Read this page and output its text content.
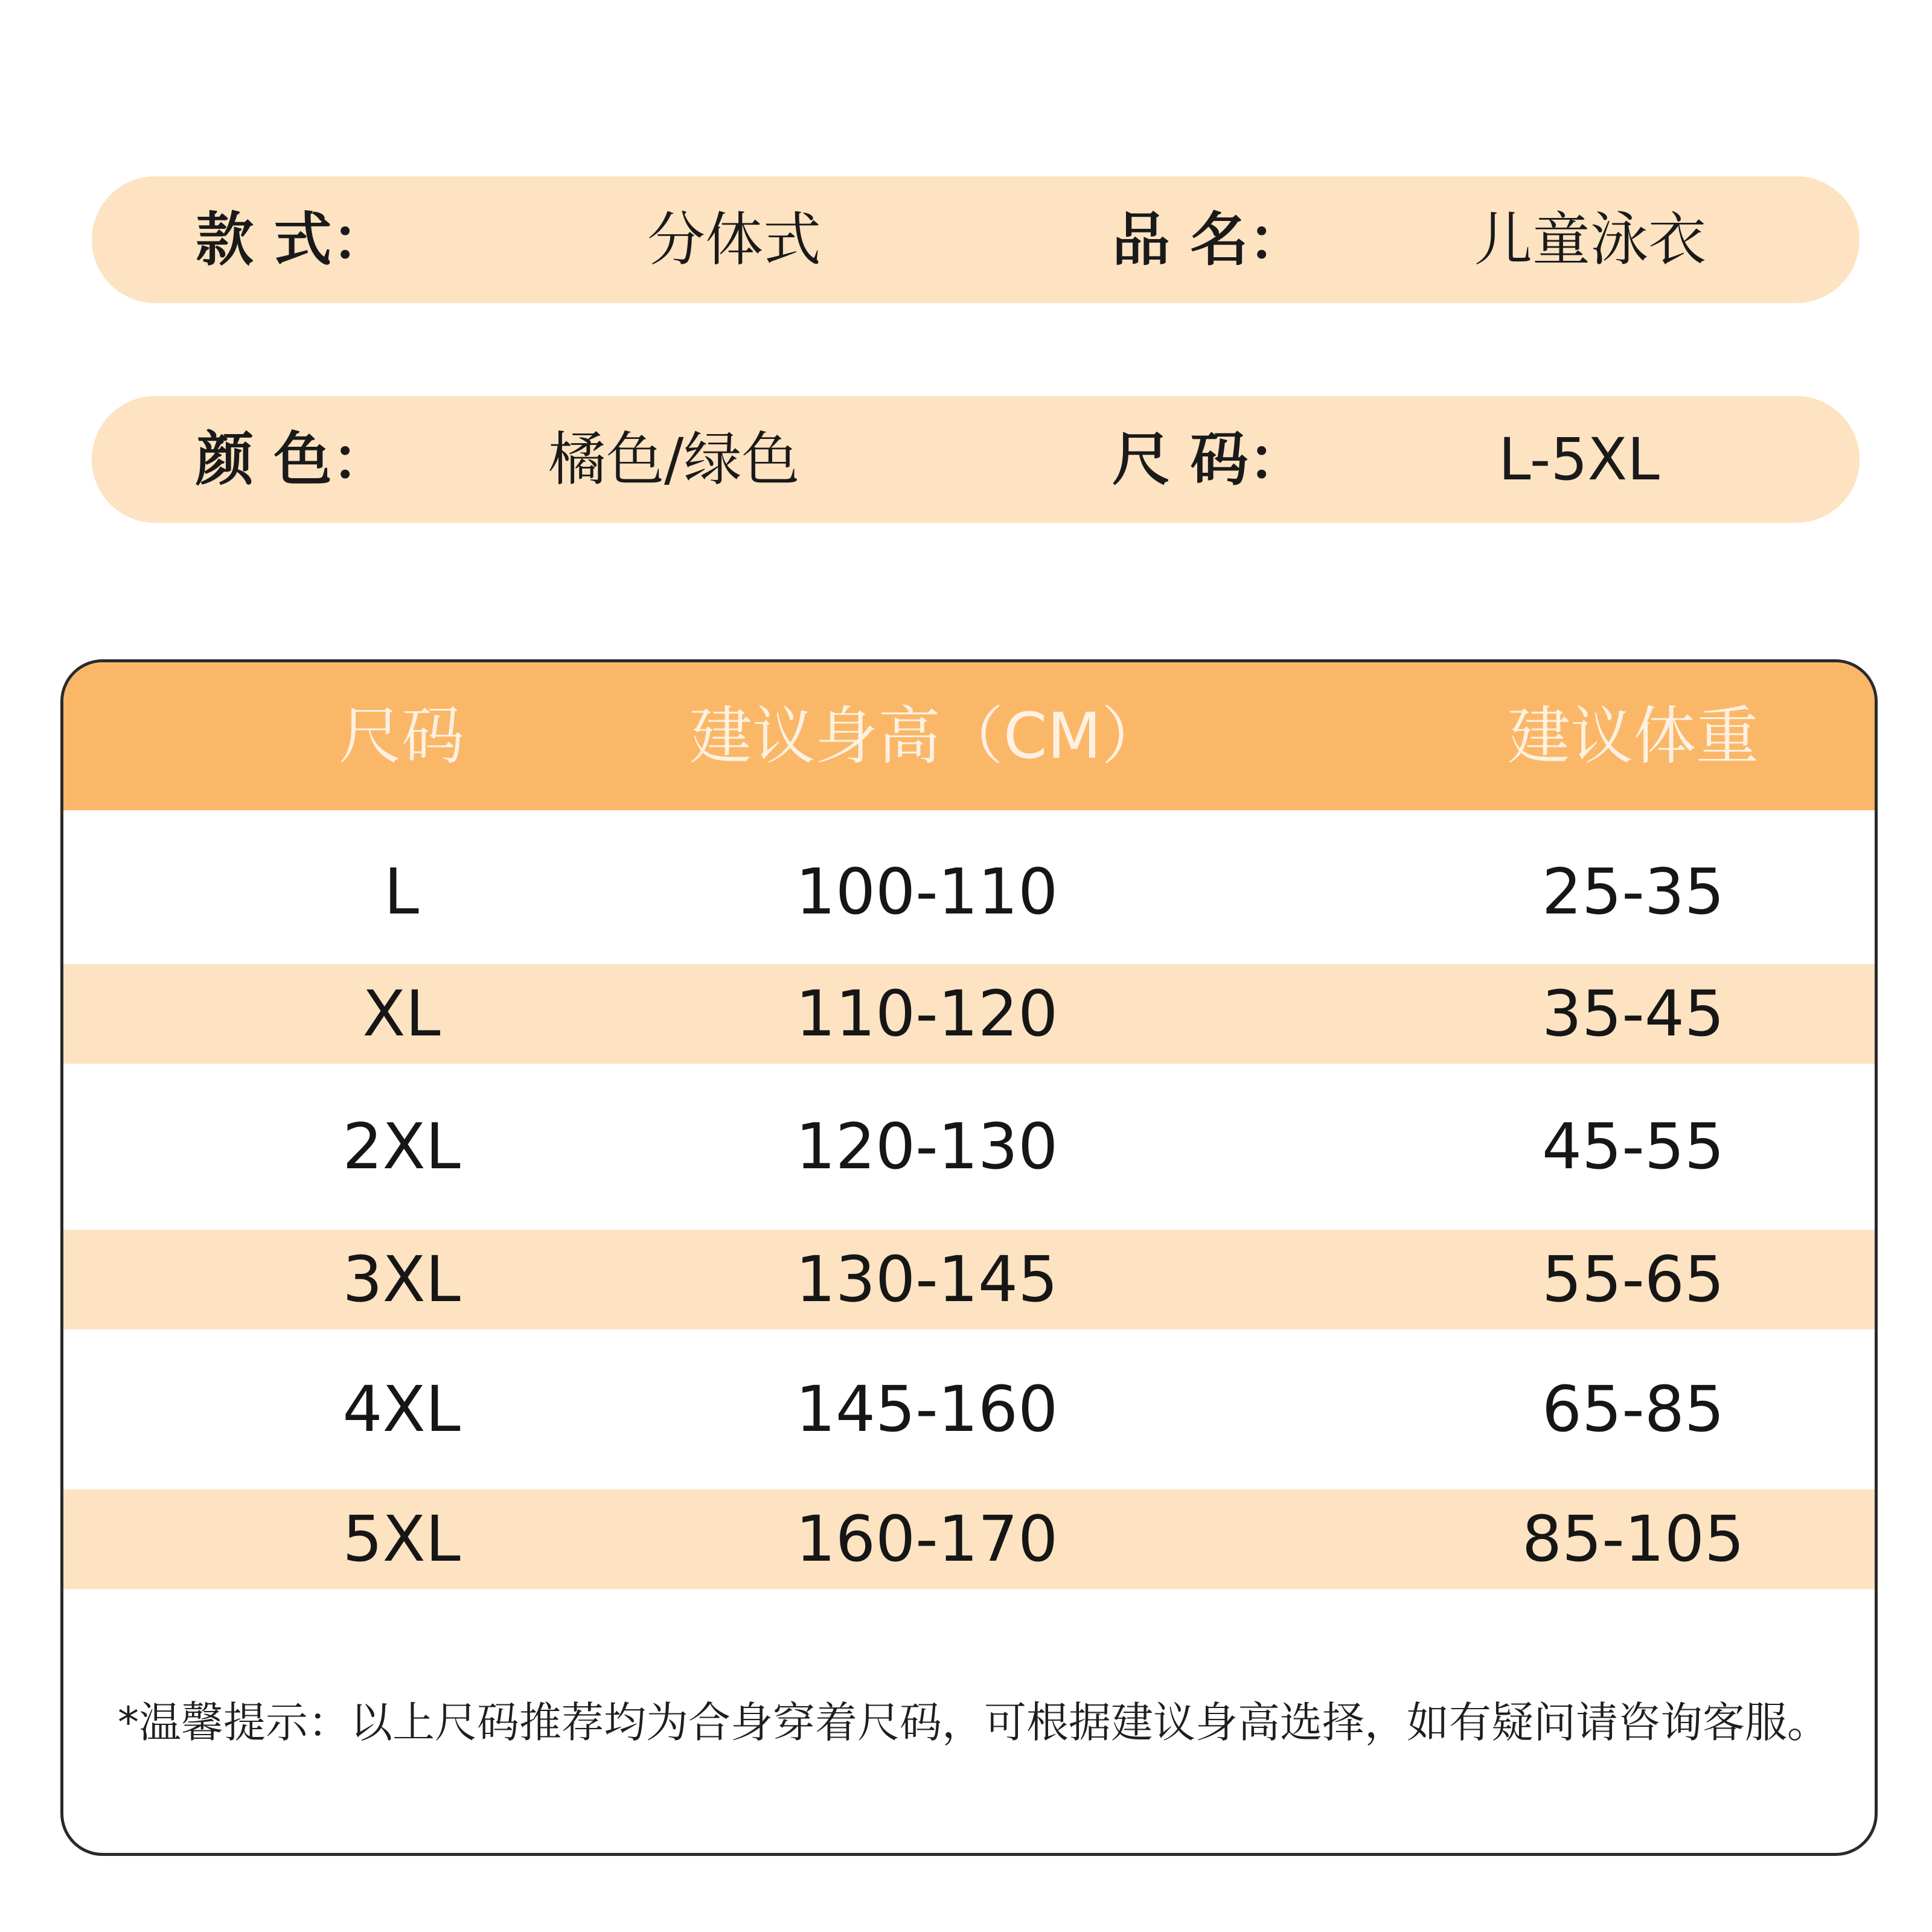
款 式：	分体式	品 名：	儿童泳衣
颜 色：	橘色/绿色	尺 码：	L-5XL
尺码	建议身高（CM）	建议体重
L	100-110	25-35
XL	110-120	35-45
2XL	120-130	45-55
3XL	130-145	55-65
4XL	145-160	65-85
5XL	160-170	85-105
*温馨提示：以上尺码推荐均为合身穿着尺码，可根据建议身高选择，如有疑问请咨询客服。
